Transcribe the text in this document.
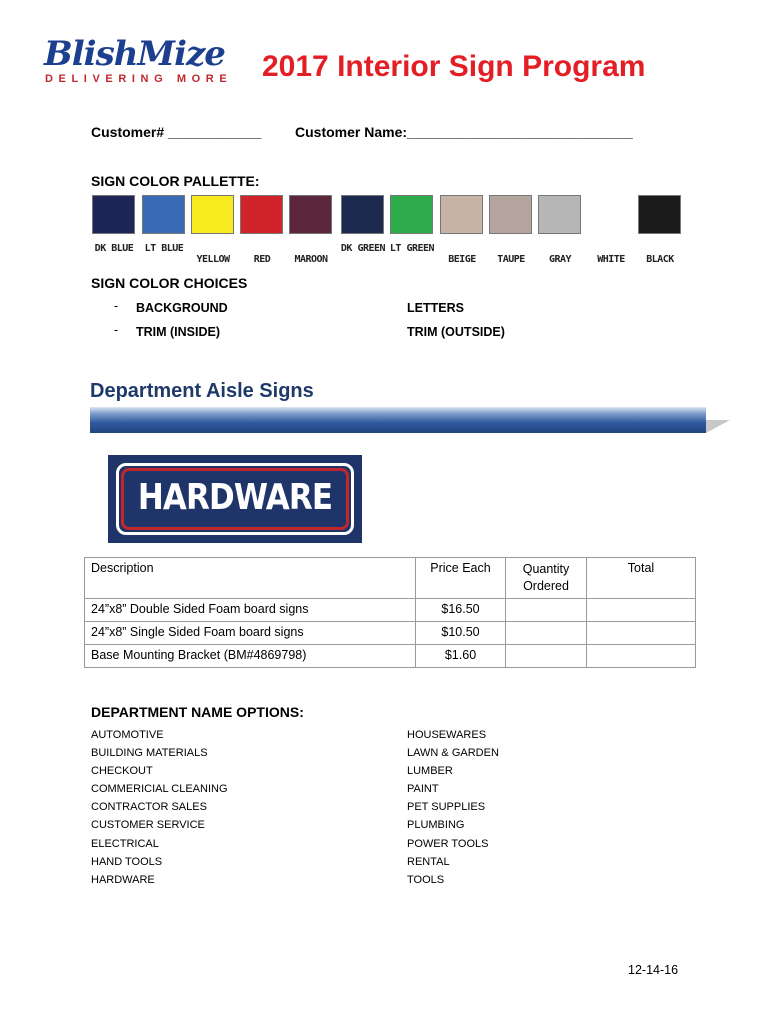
BlishMize
DELIVERING MORE 2017 Interior Sign Program
Customer# ____________ Customer Name:_____________________________
SIGN COLOR PALLETTE:
DK BLUE	LT BLUE
YELLOW	RED	MAROON
DK GREEN LT GREEN
BEIGE	TAUPE	GRAY	WHITE	BLACK
SIGN COLOR CHOICES
- BACKGROUND	LETTERS
- TRIM (INSIDE)	TRIM (OUTSIDE)
Department Aisle Signs
HARDWARE
Description	Price Each	Quantity Ordered	Total
24”x8” Double Sided Foam board signs	$16.50		
24”x8” Single Sided Foam board signs	$10.50		
Base Mounting Bracket (BM#4869798)	$1.60		
DEPARTMENT NAME OPTIONS:
AUTOMOTIVE
BUILDING MATERIALS
CHECKOUT
COMMERICIAL CLEANING
CONTRACTOR SALES
CUSTOMER SERVICE
ELECTRICAL
HAND TOOLS
HARDWARE
HOUSEWARES
LAWN & GARDEN
LUMBER
PAINT
PET SUPPLIES
PLUMBING
POWER TOOLS
RENTAL
TOOLS
12-14-16
